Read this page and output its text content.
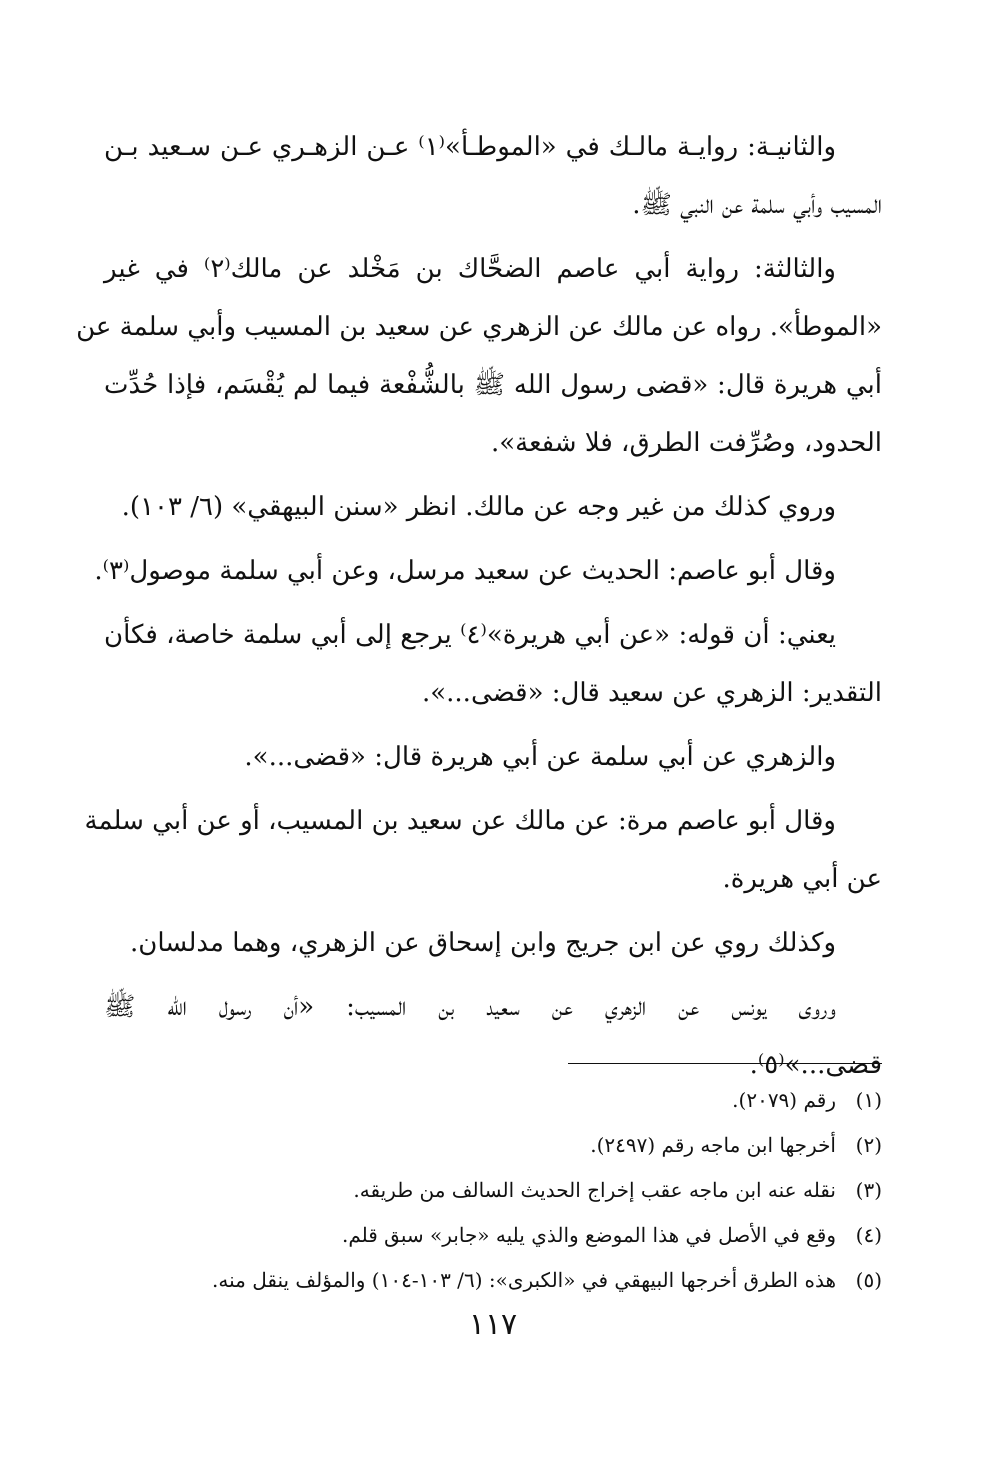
والثانيـة: روايـة مالـك في «الموطـأ»⁽١⁾ عـن الزهـري عـن سـعيد بـن
المسيب وأبي سلمة عن النبي ﷺ.
والثالثة: رواية أبي عاصم الضحَّاك بن مَخْلد عن مالك⁽٢⁾ في غير
«الموطأ». رواه عن مالك عن الزهري عن سعيد بن المسيب وأبي سلمة عن
أبي هريرة قال: «قضى رسول الله ﷺ بالشُّفْعة فيما لم يُقْسَم، فإذا حُدِّت
الحدود، وصُرِّفت الطرق، فلا شفعة».
وروي كذلك من غير وجه عن مالك. انظر «سنن البيهقي» (٦/ ١٠٣).
وقال أبو عاصم: الحديث عن سعيد مرسل، وعن أبي سلمة موصول⁽٣⁾.
يعني: أن قوله: «عن أبي هريرة»⁽٤⁾ يرجع إلى أبي سلمة خاصة، فكأن
التقدير: الزهري عن سعيد قال: «قضى...».
والزهري عن أبي سلمة عن أبي هريرة قال: «قضى...».
وقال أبو عاصم مرة: عن مالك عن سعيد بن المسيب، أو عن أبي سلمة
عن أبي هريرة.
وكذلك روي عن ابن جريج وابن إسحاق عن الزهري، وهما مدلسان.
وروى يونس عن الزهري عن سعيد بن المسيب: «أن رسول الله ﷺ
قضى...»⁽٥⁾.
(١)رقم (٢٠٧٩).
(٢)أخرجها ابن ماجه رقم (٢٤٩٧).
(٣)نقله عنه ابن ماجه عقب إخراج الحديث السالف من طريقه.
(٤)وقع في الأصل في هذا الموضع والذي يليه «جابر» سبق قلم.
(٥)هذه الطرق أخرجها البيهقي في «الكبرى»: (٦/ ١٠٣-١٠٤) والمؤلف ينقل منه.
١١٧
